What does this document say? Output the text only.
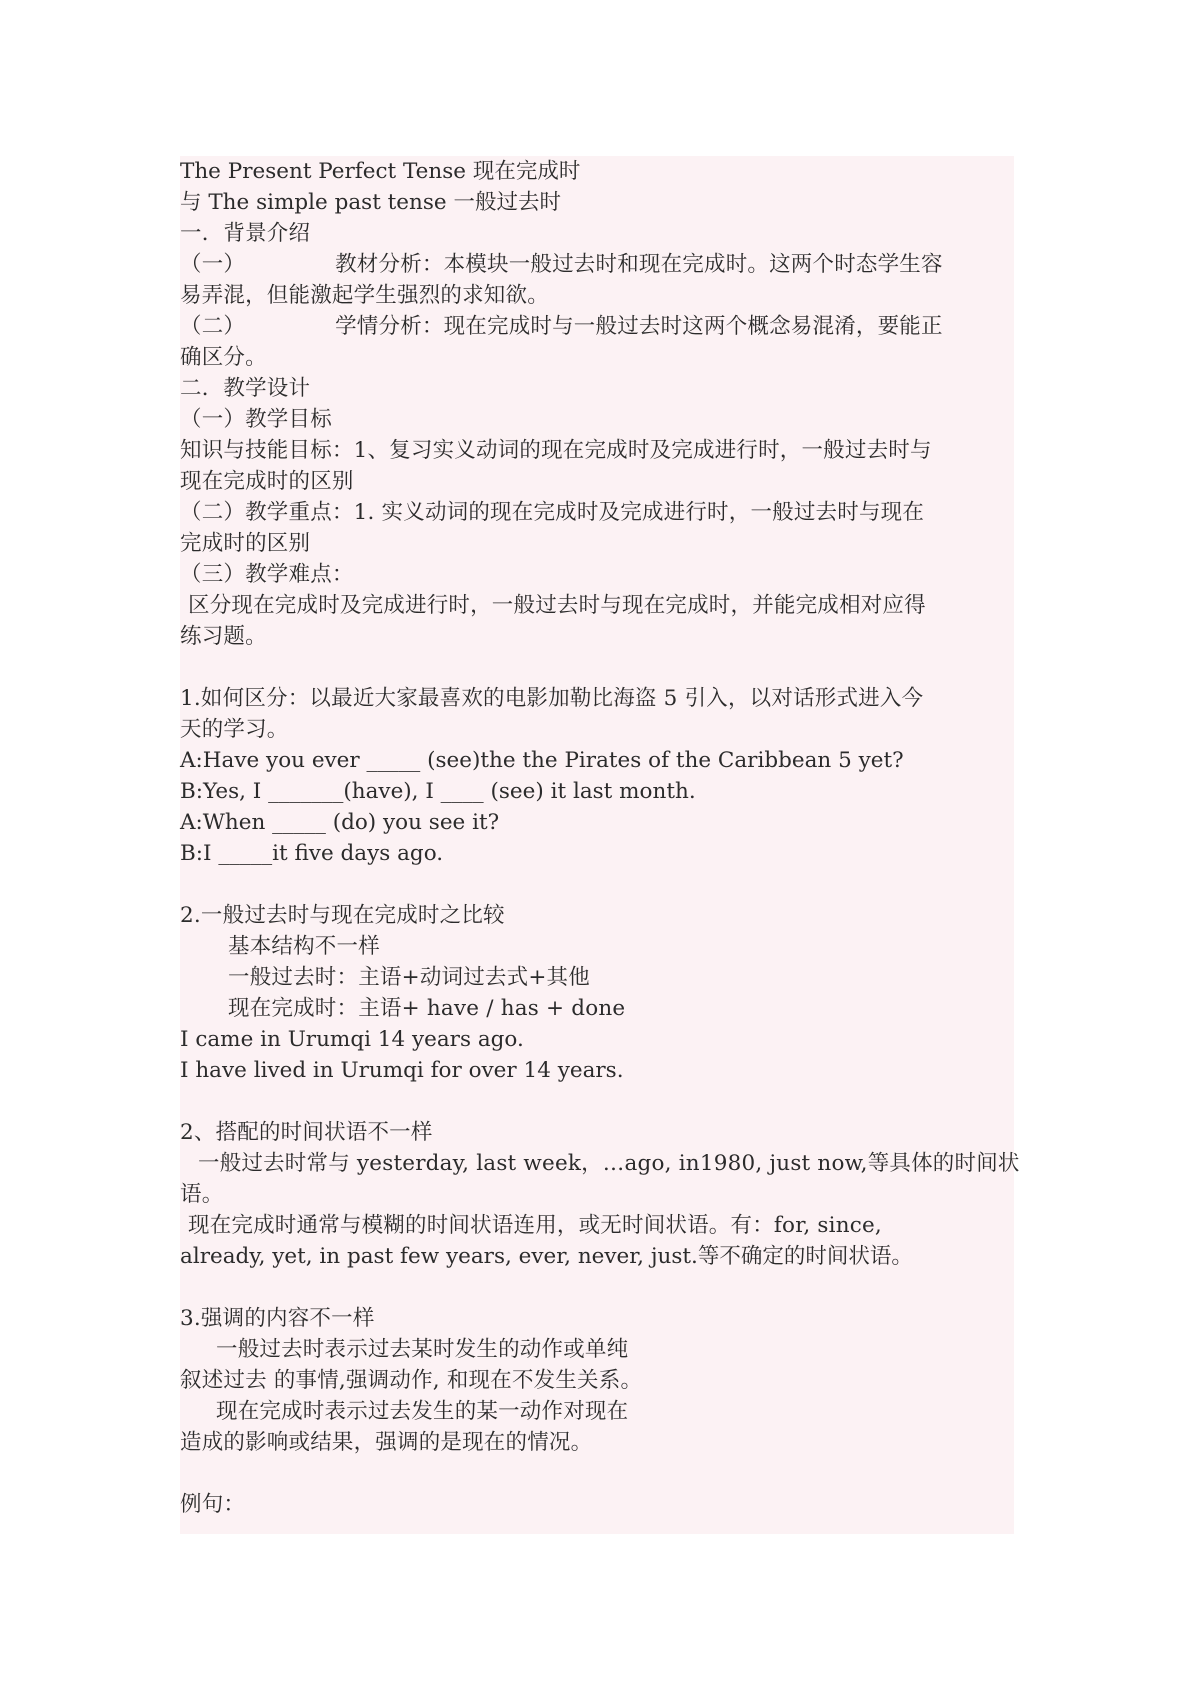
The Present Perfect Tense 现在完成时
与 The simple past tense 一般过去时
一．背景介绍
（一）	教材分析：本模块一般过去时和现在完成时。这两个时态学生容
易弄混，但能激起学生强烈的求知欲。
（二）	学情分析：现在完成时与一般过去时这两个概念易混淆，要能正
确区分。
二．教学设计
（一）教学目标
知识与技能目标：1、复习实义动词的现在完成时及完成进行时，一般过去时与
现在完成时的区别
（二）教学重点：1. 实义动词的现在完成时及完成进行时，一般过去时与现在
完成时的区别
（三）教学难点：
区分现在完成时及完成进行时，一般过去时与现在完成时，并能完成相对应得
练习题。
1.如何区分：以最近大家最喜欢的电影加勒比海盗 5 引入，以对话形式进入今
天的学习。
A:Have you ever _____ (see)the the Pirates of the Caribbean 5 yet?
B:Yes, I _______(have), I ____ (see) it last month.
A:When _____ (do) you see it?
B:I _____it five days ago.
2.一般过去时与现在完成时之比较
基本结构不一样
一般过去时：主语+动词过去式+其他
现在完成时：主语+ have / has + done
I came in Urumqi 14 years ago.
I have lived in Urumqi for over 14 years.
2、搭配的时间状语不一样
一般过去时常与 yesterday, last week，…ago, in1980, just now,等具体的时间状
语。
现在完成时通常与模糊的时间状语连用，或无时间状语。有：for, since,
already, yet, in past few years, ever, never, just.等不确定的时间状语。
3.强调的内容不一样
一般过去时表示过去某时发生的动作或单纯
叙述过去 的事情,强调动作, 和现在不发生关系。
现在完成时表示过去发生的某一动作对现在
造成的影响或结果，强调的是现在的情况。
例句：
